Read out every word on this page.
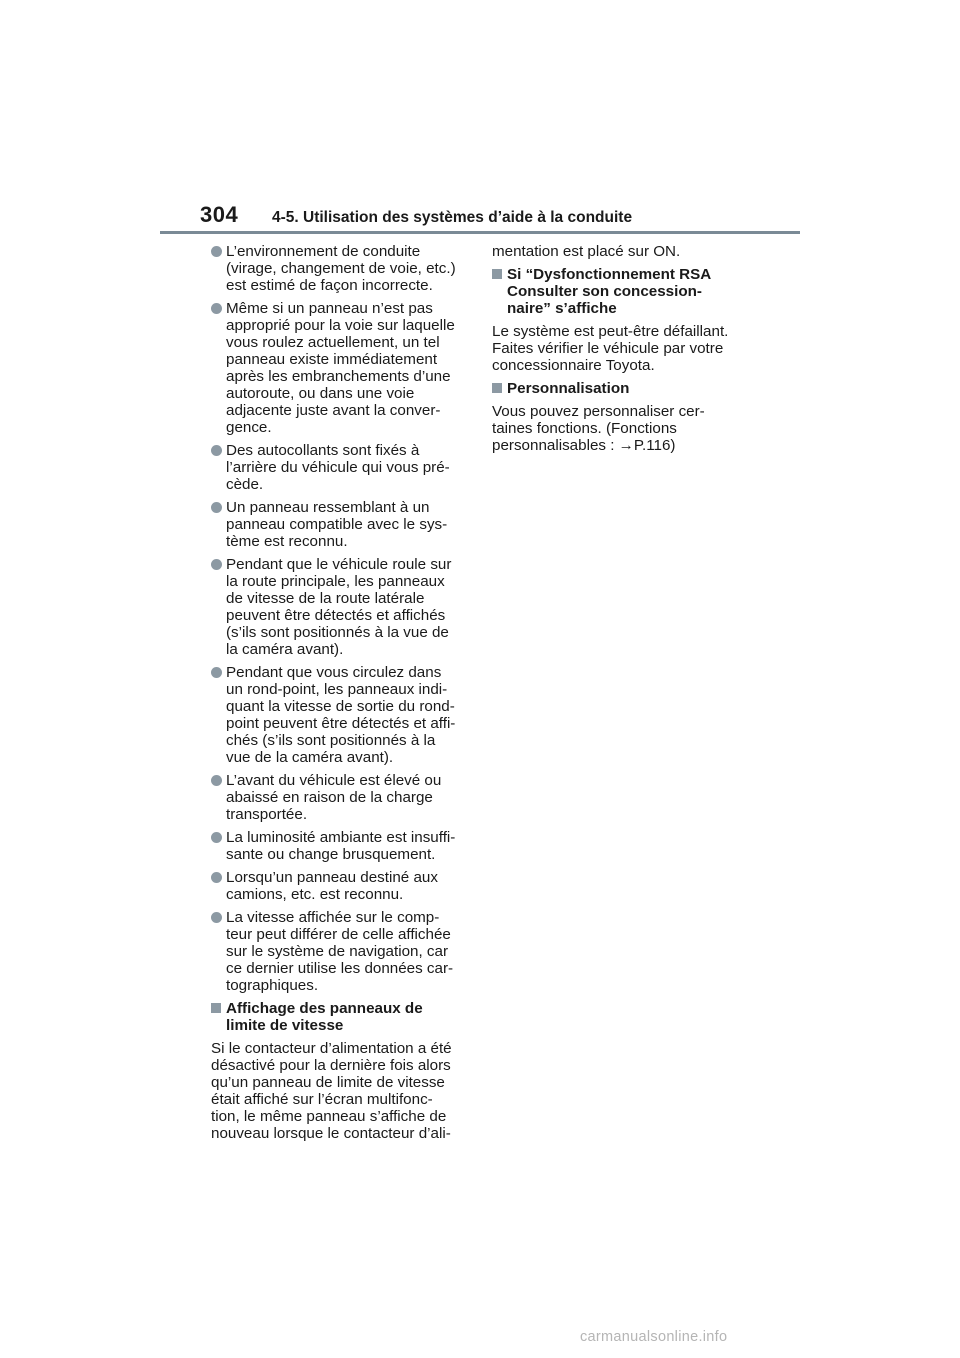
304 4-5. Utilisation des systèmes d’aide à la conduite
L’environnement de conduite
(virage, changement de voie, etc.)
est estimé de façon incorrecte.
Même si un panneau n’est pas
approprié pour la voie sur laquelle
vous roulez actuellement, un tel
panneau existe immédiatement
après les embranchements d’une
autoroute, ou dans une voie
adjacente juste avant la conver-
gence.
Des autocollants sont fixés à
l’arrière du véhicule qui vous pré-
cède.
Un panneau ressemblant à un
panneau compatible avec le sys-
tème est reconnu.
Pendant que le véhicule roule sur
la route principale, les panneaux
de vitesse de la route latérale
peuvent être détectés et affichés
(s’ils sont positionnés à la vue de
la caméra avant).
Pendant que vous circulez dans
un rond-point, les panneaux indi-
quant la vitesse de sortie du rond-
point peuvent être détectés et affi-
chés (s’ils sont positionnés à la
vue de la caméra avant).
L’avant du véhicule est élevé ou
abaissé en raison de la charge
transportée.
La luminosité ambiante est insuffi-
sante ou change brusquement.
Lorsqu’un panneau destiné aux
camions, etc. est reconnu.
La vitesse affichée sur le comp-
teur peut différer de celle affichée
sur le système de navigation, car
ce dernier utilise les données car-
tographiques.
Affichage des panneaux de
limite de vitesse
Si le contacteur d’alimentation a été
désactivé pour la dernière fois alors
qu’un panneau de limite de vitesse
était affiché sur l’écran multifonc-
tion, le même panneau s’affiche de
nouveau lorsque le contacteur d’ali-
mentation est placé sur ON.
Si “Dysfonctionnement RSA
Consulter son concession-
naire” s’affiche
Le système est peut-être défaillant.
Faites vérifier le véhicule par votre
concessionnaire Toyota.
Personnalisation
Vous pouvez personnaliser cer-
taines fonctions. (Fonctions
personnalisables : →P.116)
carmanualsonline.info
